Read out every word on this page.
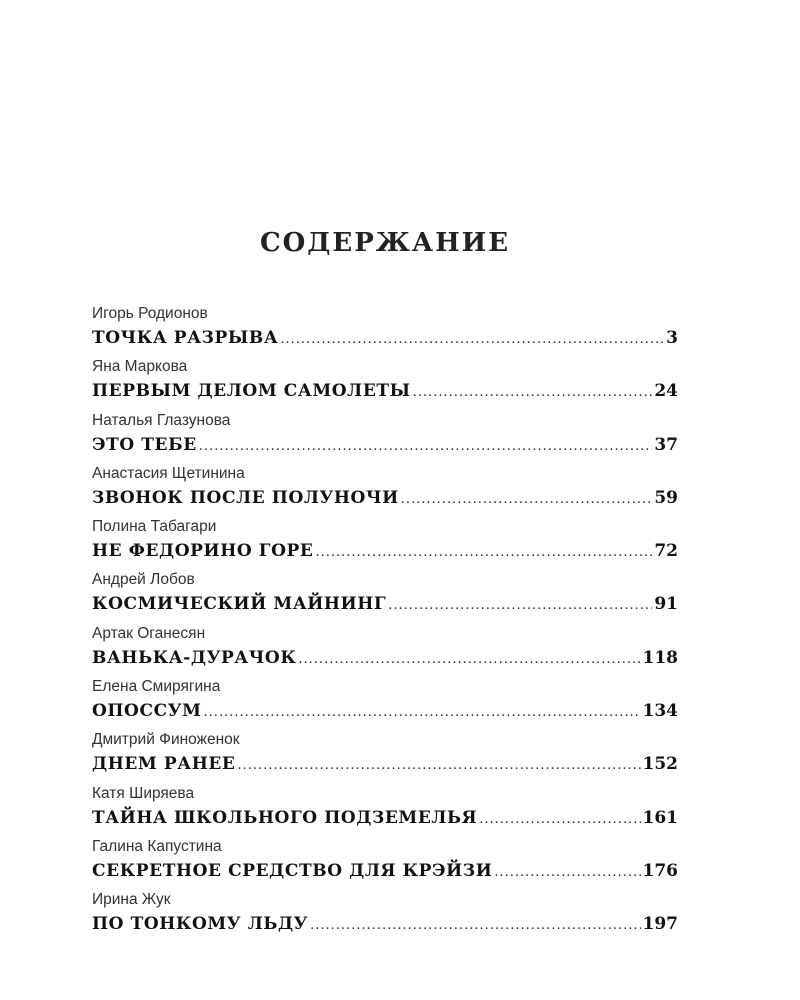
СОДЕРЖАНИЕ
Игорь Родионов
ТОЧКА РАЗРЫВА .....	3
Яна Маркова
ПЕРВЫМ ДЕЛОМ САМОЛЕТЫ .....	24
Наталья Глазунова
ЭТО ТЕБЕ .....	37
Анастасия Щетинина
ЗВОНОК ПОСЛЕ ПОЛУНОЧИ .....	59
Полина Табагари
НЕ ФЕДОРИНО ГОРЕ .....	72
Андрей Лобов
КОСМИЧЕСКИЙ МАЙНИНГ .....	91
Артак Оганесян
ВАНЬКА-ДУРАЧОК .....	118
Елена Смирягина
ОПОССУМ .....	134
Дмитрий Финоженок
ДНЕМ РАНЕЕ .....	152
Катя Ширяева
ТАЙНА ШКОЛЬНОГО ПОДЗЕМЕЛЬЯ .....	161
Галина Капустина
СЕКРЕТНОЕ СРЕДСТВО ДЛЯ КРЭЙЗИ .....	176
Ирина Жук
ПО ТОНКОМУ ЛЬДУ .....	197
